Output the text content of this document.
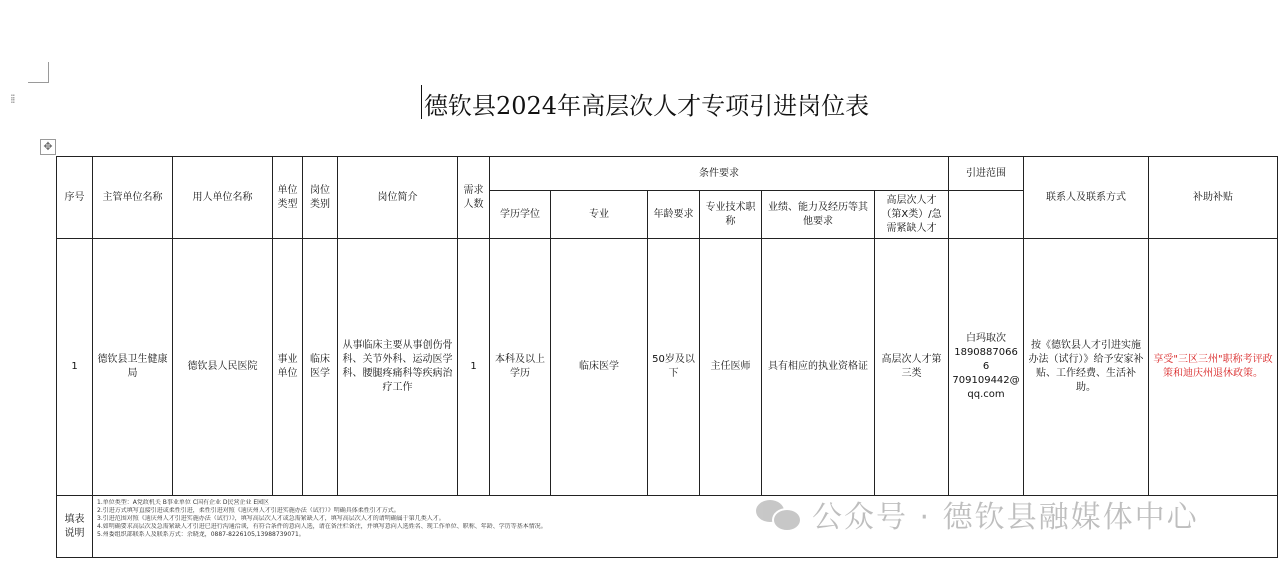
⁞⁞
✥
德钦县2024年高层次人才专项引进岗位表
序号	主管单位名称	用人单位名称	单位类型	岗位类别	岗位简介	需求人数	条件要求						引进范围	联系人及联系方式	补助补贴	
							学历学位	专业	年龄要求	专业技术职称	业绩、能力及经历等其他要求	高层次人才（第X类）/急需紧缺人才				
1	德钦县卫生健康局	德钦县人民医院	事业单位	临床医学	从事临床主要从事创伤骨科、关节外科、运动医学科、腰腿疼痛科等疾病治疗工作	1	本科及以上学历	临床医学	50岁及以下	主任医师	具有相应的执业资格证	高层次人才第三类	白玛取次 18908870666 709109442@qq.com	按《德钦县人才引进实施办法（试行）》给予安家补贴、工作经费、生活补助。	享受"三区三州"职称考评政策和迪庆州退休政策。	
填表说明	1.单位类型：A党政机关 B事业单位 C国有企业 D民营企业 E园区
2.引进方式填写直接引进或柔性引进，柔性引进对照《迪庆州人才引进实施办法（试行）》明确具体柔性引才方式。
3.引进范围对照《迪庆州人才引进实施办法（试行）》，填写高层次人才或急需紧缺人才，填写高层次人才的请明确属于第几类人才。
4.如明确要求高层次及急需紧缺人才引进已进行沟通洽谈，有符合条件的意向人选，请在备注栏备注，并填写意向人选姓名、现工作单位、职称、年龄、学历等基本情况。
5.州委组织部联系人及联系方式：余晓龙，0887-8226105,13988739071。																公众号 · 德钦县融媒体中心
